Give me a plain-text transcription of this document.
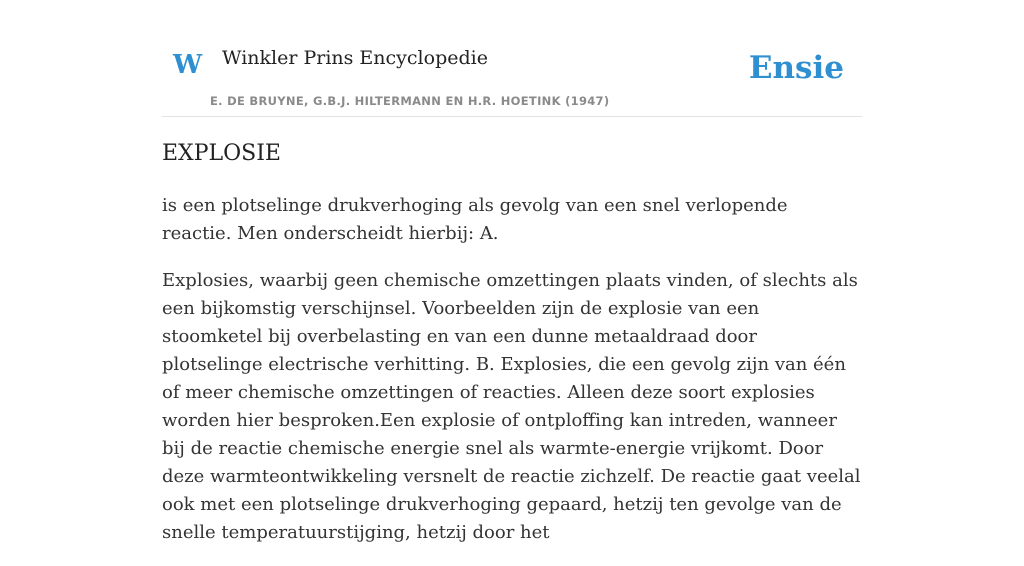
W Winkler Prins Encyclopedie
E. DE BRUYNE, G.B.J. HILTERMANN EN H.R. HOETINK (1947)
Ensie
EXPLOSIE

is een plotselinge drukverhoging als gevolg van een snel verlopende reactie. Men onderscheidt hierbij: A.

Explosies, waarbij geen chemische omzettingen plaats vinden, of slechts als een bijkomstig verschijnsel. Voorbeelden zijn de explosie van een stoomketel bij overbelasting en van een dunne metaaldraad door plotselinge electrische verhitting. B. Explosies, die een gevolg zijn van één of meer chemische omzettingen of reacties. Alleen deze soort explosies worden hier besproken.Een explosie of ontploffing kan intreden, wanneer bij de reactie chemische energie snel als warmte-energie vrijkomt. Door deze warmteontwikkeling versnelt de reactie zichzelf. De reactie gaat veelal ook met een plotselinge drukverhoging gepaard, hetzij ten gevolge van de snelle temperatuurstijging, hetzij door het
